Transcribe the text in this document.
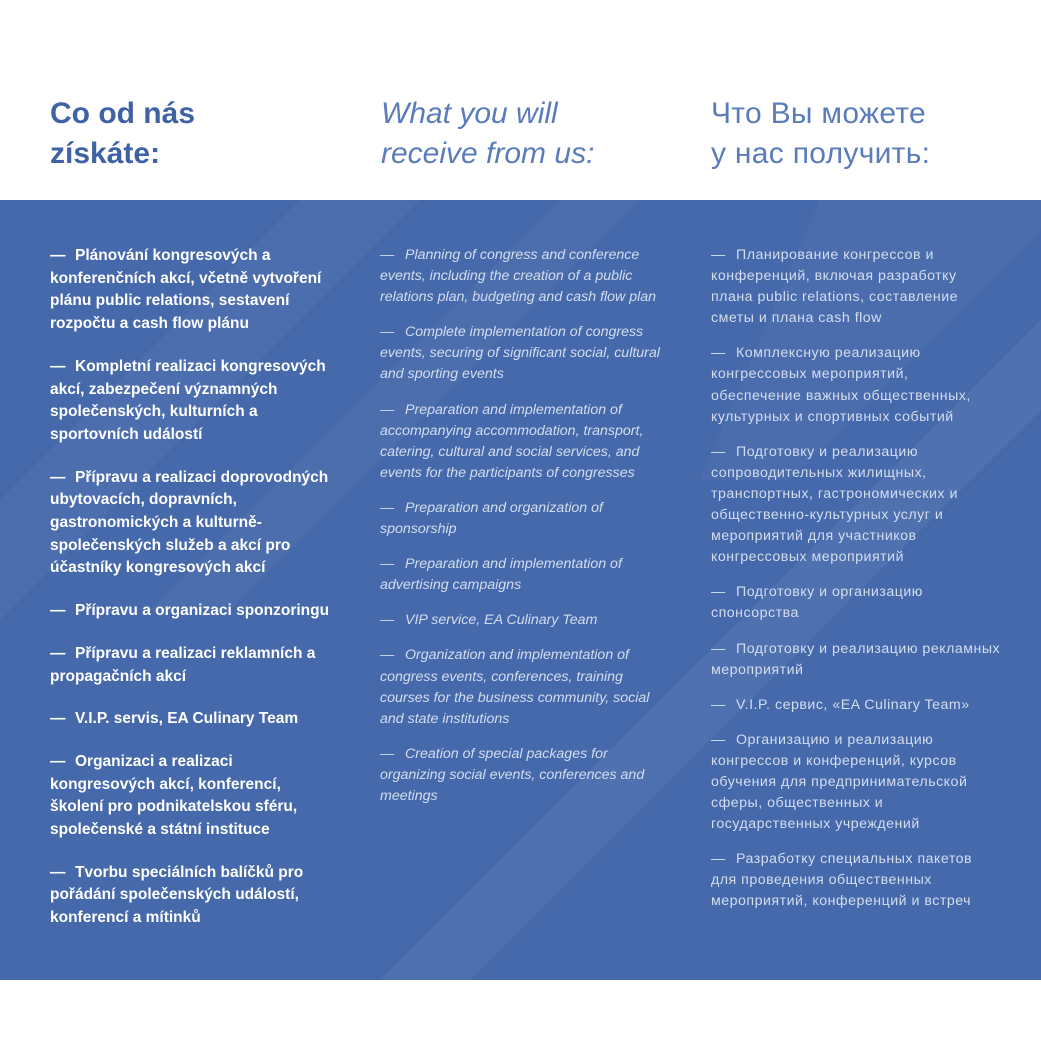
Co od nás
získáte:
What you will
receive from us:
Что Вы можете
у нас получить:
— Plánování kongresových a konferenčních akcí, včetně vytvoření plánu public relations, sestavení rozpočtu a cash flow plánu
— Kompletní realizaci kongresových akcí, zabezpečení významných společenských, kulturních a sportovních událostí
— Přípravu a realizaci doprovodných ubytovacích, dopravních, gastronomických a kulturně-společenských služeb a akcí pro účastníky kongresových akcí
— Přípravu a organizaci sponzoringu
— Přípravu a realizaci reklamních a propagačních akcí
— V.I.P. servis, EA Culinary Team
— Organizaci a realizaci kongresových akcí, konferencí, školení pro podnikatelskou sféru, společenské a státní instituce
— Tvorbu speciálních balíčků pro pořádání společenských událostí, konferencí a mítinků
— Planning of congress and conference events, including the creation of a public relations plan, budgeting and cash flow plan
— Complete implementation of congress events, securing of significant social, cultural and sporting events
— Preparation and implementation of accompanying accommodation, transport, catering, cultural and social services, and events for the participants of congresses
— Preparation and organization of sponsorship
— Preparation and implementation of advertising campaigns
— VIP service, EA Culinary Team
— Organization and implementation of congress events, conferences, training courses for the business community, social and state institutions
— Creation of special packages for organizing social events, conferences and meetings
— Планирование конгрессов и конференций, включая разработку плана public relations, составление сметы и плана cash flow
— Комплексную реализацию конгрессовых мероприятий, обеспечение важных общественных, культурных и спортивных событий
— Подготовку и реализацию сопроводительных жилищных, транспортных, гастрономических и общественно-культурных услуг и мероприятий для участников конгрессовых мероприятий
— Подготовку и организацию спонсорства
— Подготовку и реализацию рекламных мероприятий
— V.I.P. сервис, «EA Culinary Team»
— Организацию и реализацию конгрессов и конференций, курсов обучения для предпринимательской сферы, общественных и государственных учреждений
— Разработку специальных пакетов для проведения общественных мероприятий, конференций и встреч
